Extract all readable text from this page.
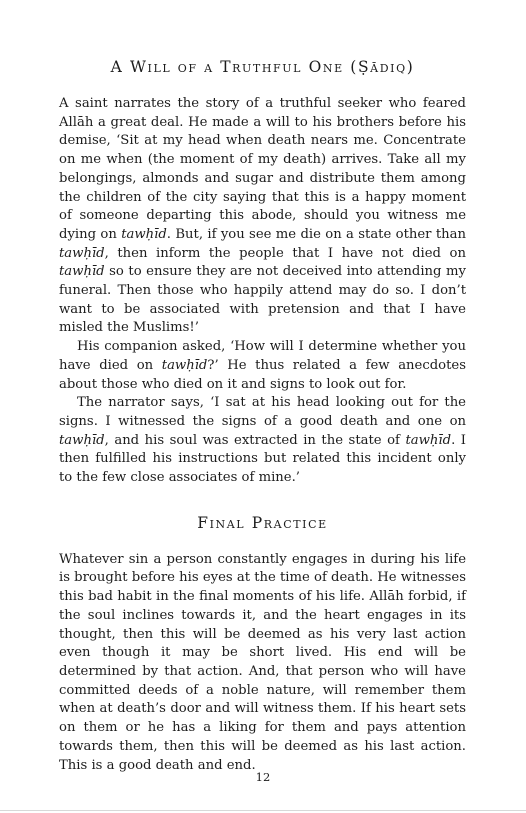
A Will of a Truthful One (Ṣādiq)

A saint narrates the story of a truthful seeker who feared Allāh a great deal. He made a will to his brothers before his demise, ‘Sit at my head when death nears me. Concentrate on me when (the moment of my death) arrives. Take all my belongings, almonds and sugar and distribute them among the children of the city saying that this is a happy moment of someone departing this abode, should you witness me dying on tawḥīd. But, if you see me die on a state other than tawḥīd, then inform the people that I have not died on tawḥīd so to ensure they are not deceived into attending my funeral. Then those who happily attend may do so. I don’t want to be associated with pretension and that I have misled the Muslims!’

His companion asked, ‘How will I determine whether you have died on tawḥīd?’ He thus related a few anecdotes about those who died on it and signs to look out for.

The narrator says, ‘I sat at his head looking out for the signs. I witnessed the signs of a good death and one on tawḥīd, and his soul was extracted in the state of tawḥīd. I then fulfilled his instructions but related this incident only to the few close associates of mine.’

Final Practice

Whatever sin a person constantly engages in during his life is brought before his eyes at the time of death. He witnesses this bad habit in the final moments of his life. Allāh forbid, if the soul inclines towards it, and the heart engages in its thought, then this will be deemed as his very last action even though it may be short lived. His end will be determined by that action. And, that person who will have committed deeds of a noble nature, will remember them when at death’s door and will witness them. If his heart sets on them or he has a liking for them and pays attention towards them, then this will be deemed as his last action. This is a good death and end.

12
